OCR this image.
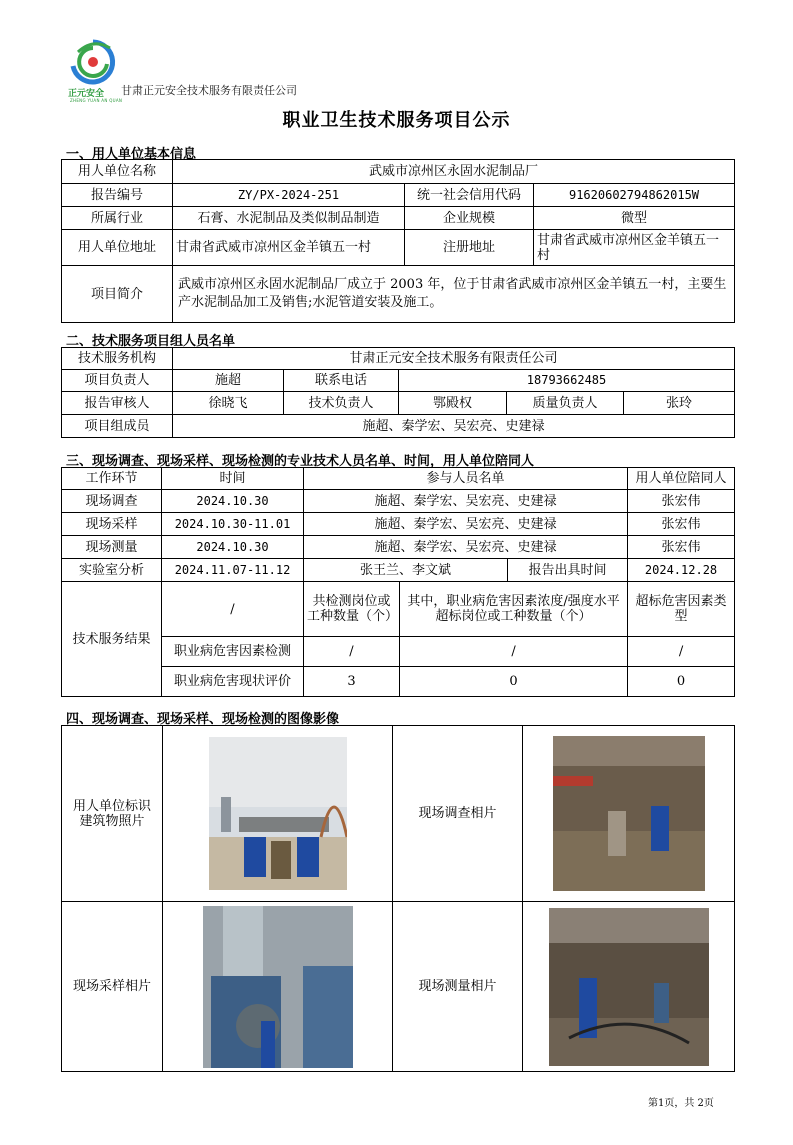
正元安全
ZHENG YUAN AN QUAN
甘肃正元安全技术服务有限责任公司
职业卫生技术服务项目公示
一、用人单位基本信息
用人单位名称	武威市凉州区永固水泥制品厂		
报告编号	ZY/PX-2024-251	统一社会信用代码	91620602794862015W
所属行业	石膏、水泥制品及类似制品制造	企业规模	微型
用人单位地址	甘肃省武威市凉州区金羊镇五一村	注册地址	甘肃省武威市凉州区金羊镇五一村
项目简介	武威市凉州区永固水泥制品厂成立于 2003 年，位于甘肃省武威市凉州区金羊镇五一村，主要生产水泥制品加工及销售;水泥管道安装及施工。		
二、技术服务项目组人员名单
技术服务机构	甘肃正元安全技术服务有限责任公司				
项目负责人	施超	联系电话	18793662485		
报告审核人	徐晓飞	技术负责人	鄂殿权	质量负责人	张玲
项目组成员	施超、秦学宏、吴宏亮、史建禄				
三、现场调查、现场采样、现场检测的专业技术人员名单、时间，用人单位陪同人
工作环节	时间	参与人员名单			用人单位陪同人
现场调查	2024.10.30	施超、秦学宏、吴宏亮、史建禄			张宏伟
现场采样	2024.10.30-11.01	施超、秦学宏、吴宏亮、史建禄			张宏伟
现场测量	2024.10.30	施超、秦学宏、吴宏亮、史建禄			张宏伟
实验室分析	2024.11.07-11.12	张王兰、李文斌		报告出具时间	2024.12.28
技术服务结果	/	共检测岗位或工种数量（个）	其中，职业病危害因素浓度/强度水平超标岗位或工种数量（个）		超标危害因素类型
	职业病危害因素检测	/	/		/
	职业病危害现状评价	3	0		0
四、现场调查、现场采样、现场检测的图像影像
用人单位标识建筑物照片		现场调查相片	

现场采样相片		现场测量相片	
第1页，共 2页
